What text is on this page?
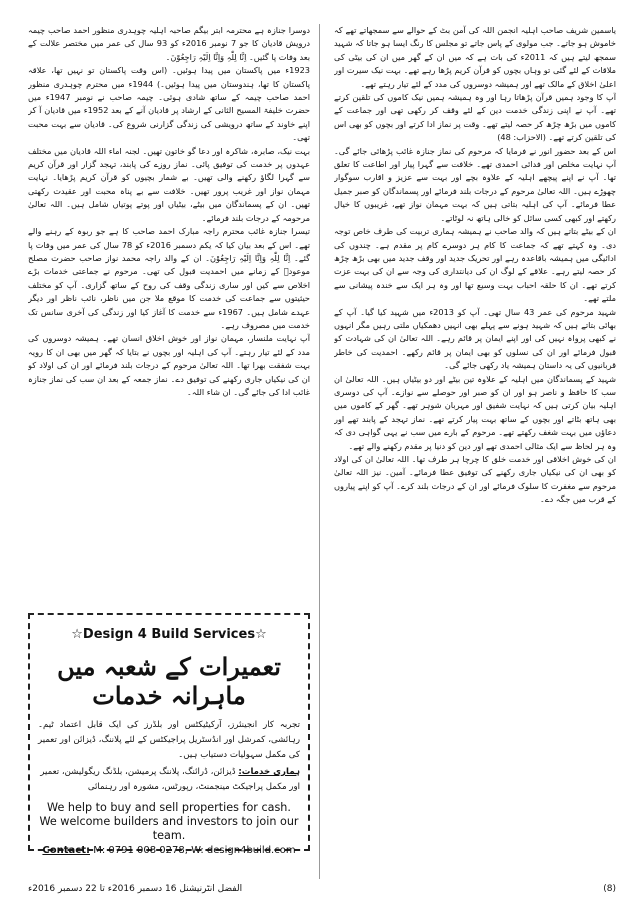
یاسمین شریف صاحب اہلیہ انجمن اللہ کی آمن بٹ کے حوالے سے سمجھاتے تھے کہ خاموش ہو جاتے۔ جب مولوی کے پاس جاتے تو مجلس کا رنگ ایسا ہو جاتا کہ شہید سمجھ لیتے ہیں کہ 2011ء کی بات ہے کہ میں ان کے گھر میں ان کی بیٹی کی ملاقات کے لئے گئی تو وہاں بچوں کو قرآن کریم پڑھا رہے تھے۔ بہت نیک سیرت اور اعلیٰ اخلاق کے مالک تھے اور ہمیشہ دوسروں کی مدد کے لئے تیار رہتے تھے۔

آپ کا وجود ہمیں قرآن پڑھاتا رہا اور وہ ہمیشہ ہمیں نیک کاموں کی تلقین کرتے تھے۔ آپ نے اپنی زندگی خدمت دین کے لئے وقف کر رکھی تھی اور جماعت کے کاموں میں بڑھ چڑھ کر حصہ لیتے تھے۔ وقت پر نماز ادا کرتے اور بچوں کو بھی اس کی تلقین کرتے تھے۔ (الاحزاب: 48)

اس کے بعد حضور انور نے فرمایا کہ مرحوم کی نماز جنازہ غائب پڑھائی جائے گی۔ آپ نہایت مخلص اور فدائی احمدی تھے۔ خلافت سے گہرا پیار اور اطاعت کا تعلق تھا۔ آپ نے اپنے پیچھے اہلیہ کے علاوہ بچے اور بہت سے عزیز و اقارب سوگوار چھوڑے ہیں۔ اللہ تعالیٰ مرحوم کے درجات بلند فرمائے اور پسماندگان کو صبر جمیل عطا فرمائے۔ آپ کی اہلیہ بتاتی ہیں کہ بہت مہمان نواز تھے، غریبوں کا خیال رکھتے اور کبھی کسی سائل کو خالی ہاتھ نہ لوٹاتے۔

ان کے بیٹے بتاتے ہیں کہ والد صاحب نے ہمیشہ ہماری تربیت کی طرف خاص توجہ دی۔ وہ کہتے تھے کہ جماعت کا کام ہر دوسرے کام پر مقدم ہے۔ چندوں کی ادائیگی میں ہمیشہ باقاعدہ رہے اور تحریک جدید اور وقف جدید میں بھی بڑھ چڑھ کر حصہ لیتے رہے۔ علاقے کے لوگ ان کی دیانتداری کی وجہ سے ان کی بہت عزت کرتے تھے۔ ان کا حلقہ احباب بہت وسیع تھا اور وہ ہر ایک سے خندہ پیشانی سے ملتے تھے۔

شہید مرحوم کی عمر 43 سال تھی۔ آپ کو 2013ء میں شہید کیا گیا۔ آپ کے بھائی بتاتے ہیں کہ شہید ہونے سے پہلے بھی انہیں دھمکیاں ملتی رہیں مگر انہوں نے کبھی پرواہ نہیں کی اور اپنے ایمان پر قائم رہے۔ اللہ تعالیٰ ان کی شہادت کو قبول فرمائے اور ان کی نسلوں کو بھی ایمان پر قائم رکھے۔ احمدیت کی خاطر قربانیوں کی یہ داستان ہمیشہ یاد رکھی جائے گی۔

شہید کے پسماندگان میں اہلیہ کے علاوہ تین بیٹے اور دو بیٹیاں ہیں۔ اللہ تعالیٰ ان سب کا حافظ و ناصر ہو اور ان کو صبر اور حوصلے سے نوازے۔ آپ کی دوسری اہلیہ بیان کرتی ہیں کہ نہایت شفیق اور مہربان شوہر تھے۔ گھر کے کاموں میں بھی ہاتھ بٹاتے اور بچوں کے ساتھ بہت پیار کرتے تھے۔ نماز تہجد کے پابند تھے اور دعاؤں میں بہت شغف رکھتے تھے۔ مرحوم کے بارے میں سب نے یہی گواہی دی کہ وہ ہر لحاظ سے ایک مثالی احمدی تھے اور دین کو دنیا پر مقدم رکھنے والے تھے۔

ان کی خوش اخلاقی اور خدمت خلق کا چرچا ہر طرف تھا۔ اللہ تعالیٰ ان کی اولاد کو بھی ان کی نیکیاں جاری رکھنے کی توفیق عطا فرمائے۔ آمین۔ نیز اللہ تعالیٰ مرحوم سے مغفرت کا سلوک فرمائے اور ان کے درجات بلند کرے۔ آپ کو اپنے پیاروں کے قرب میں جگہ دے۔

دوسرا جنازہ ہے محترمہ ابتر بیگم صاحبہ اہلیہ چوہدری منظور احمد صاحب چیمہ درویش قادیان کا جو 7 نومبر 2016ء کو 93 سال کی عمر میں مختصر علالت کے بعد وفات پا گئیں۔ اِنَّا لِلّٰہِ وَاِنَّا اِلَیْہِ رَاجِعُوْنَ۔

1923ء میں پاکستان میں پیدا ہوئیں۔ (اس وقت پاکستان تو نہیں تھا، علاقہ پاکستان کا تھا، ہندوستان میں پیدا ہوئیں۔) 1944ء میں محترم چوہدری منظور احمد صاحب چیمہ کے ساتھ شادی ہوئی۔ چیمہ صاحب نے نومبر 1947ء میں حضرت خلیفۃ المسیح الثانی کے ارشاد پر قادیان آنے کے بعد 1952ء میں قادیان آ کر اپنے خاوند کے ساتھ درویشی کی زندگی گزارنی شروع کی۔ قادیان سے بہت محبت تھی۔

بہت نیک، صابرہ، شاکرہ اور دعا گو خاتون تھیں۔ لجنہ اماء اللہ قادیان میں مختلف عہدوں پر خدمت کی توفیق پائی۔ نماز روزے کی پابند، تہجد گزار اور قرآن کریم سے گہرا لگاؤ رکھنے والی تھیں۔ بے شمار بچیوں کو قرآن کریم پڑھایا۔ نہایت مہمان نواز اور غریب پرور تھیں۔ خلافت سے بے پناہ محبت اور عقیدت رکھتی تھیں۔ ان کے پسماندگان میں بیٹے، بیٹیاں اور پوتے پوتیاں شامل ہیں۔ اللہ تعالیٰ مرحومہ کے درجات بلند فرمائے۔

تیسرا جنازہ غائب محترم راجہ مبارک احمد صاحب کا ہے جو ربوہ کے رہنے والے تھے۔ اس کے بعد بیان کیا کہ یکم دسمبر 2016ء کو 78 سال کی عمر میں وفات پا گئے۔ اِنَّا لِلّٰہِ وَاِنَّا اِلَیْہِ رَاجِعُوْنَ۔ ان کے والد راجہ محمد نواز صاحب حضرت مصلح موعودؓ کے زمانے میں احمدیت قبول کی تھی۔ مرحوم نے جماعتی خدمات بڑے اخلاص سے کیں اور ساری زندگی وقف کی روح کے ساتھ گزاری۔ آپ کو مختلف حیثیتوں سے جماعت کی خدمت کا موقع ملا جن میں ناظر، نائب ناظر اور دیگر عہدے شامل ہیں۔ 1967ء سے خدمت کا آغاز کیا اور زندگی کی آخری سانس تک خدمت میں مصروف رہے۔

آپ نہایت ملنسار، مہمان نواز اور خوش اخلاق انسان تھے۔ ہمیشہ دوسروں کی مدد کے لئے تیار رہتے۔ آپ کی اہلیہ اور بچوں نے بتایا کہ گھر میں بھی ان کا رویہ بہت شفقت بھرا تھا۔ اللہ تعالیٰ مرحوم کے درجات بلند فرمائے اور ان کی اولاد کو ان کی نیکیاں جاری رکھنے کی توفیق دے۔ نماز جمعہ کے بعد ان سب کی نماز جنازہ غائب ادا کی جائے گی۔ ان شاء اللہ۔

☆Design 4 Build Services☆
تعمیرات کے شعبہ میں ماہرانہ خدمات
تجربہ کار انجینئرز، آرکیٹیکٹس اور بلڈرز کی ایک قابل اعتماد ٹیم۔ رہائشی، کمرشل اور انڈسٹریل پراجیکٹس کے لئے پلاننگ، ڈیزائن اور تعمیر کی مکمل سہولیات دستیاب ہیں۔
ہماری خدمات: ڈیزائن، ڈرائنگ، پلاننگ پرمیشن، بلڈنگ ریگولیشن، تعمیر اور مکمل پراجیکٹ مینجمنٹ، رپورٹس، مشورہ اور رہنمائی
We help to buy and sell properties for cash. We welcome builders and investors to join our team.
Contact: M: 0791 008 0278, W: design4build.com
(8)
الفضل انٹرنیشنل 16 دسمبر 2016ء تا 22 دسمبر 2016ء
